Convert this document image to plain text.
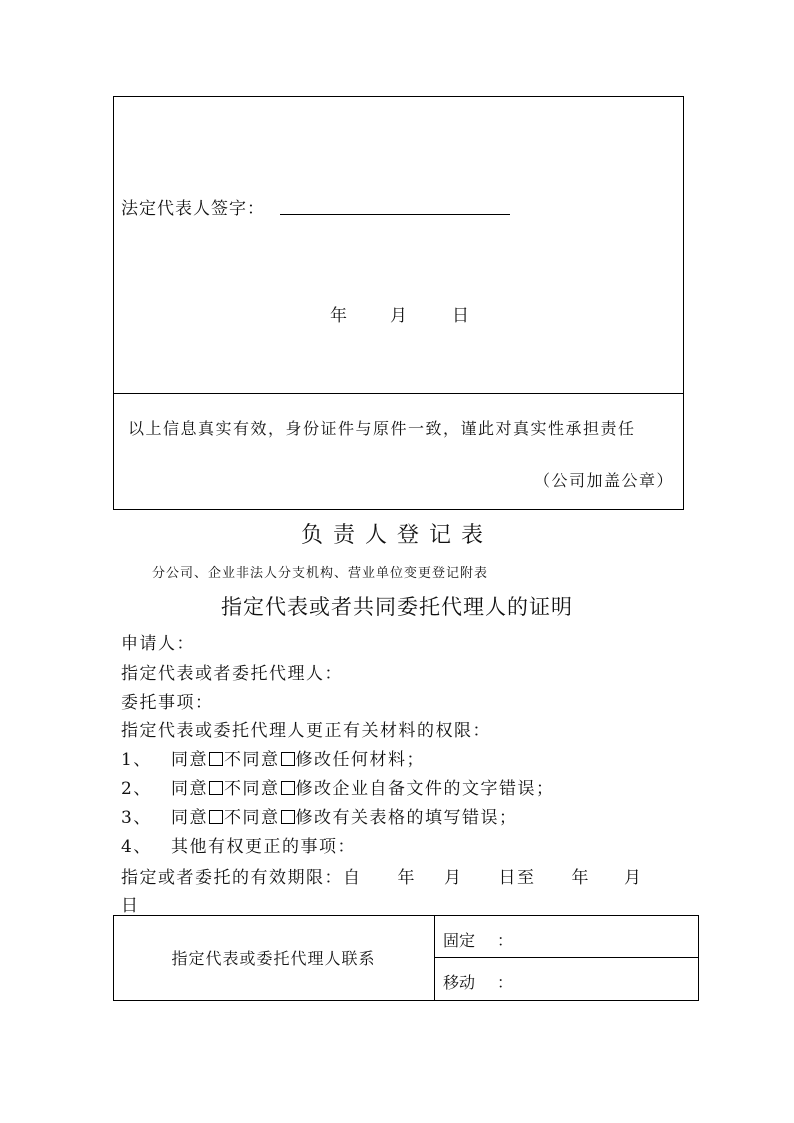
法定代表人签字：
年	月	日
以上信息真实有效，身份证件与原件一致，谨此对真实性承担责任
（公司加盖公章）
负责人登记表
分公司、企业非法人分支机构、营业单位变更登记附表
指定代表或者共同委托代理人的证明
申请人：
指定代表或者委托代理人：
委托事项：
指定代表或委托代理人更正有关材料的权限：
1、 同意 不同意 修改任何材料；
2、 同意 不同意 修改企业自备文件的文字错误；
3、 同意 不同意 修改有关表格的填写错误；
4、 其他有权更正的事项：
指定或者委托的有效期限：自 年 月 日至 年 月
日
指定代表或委托代理人联系
固定 ：
移动 ：
